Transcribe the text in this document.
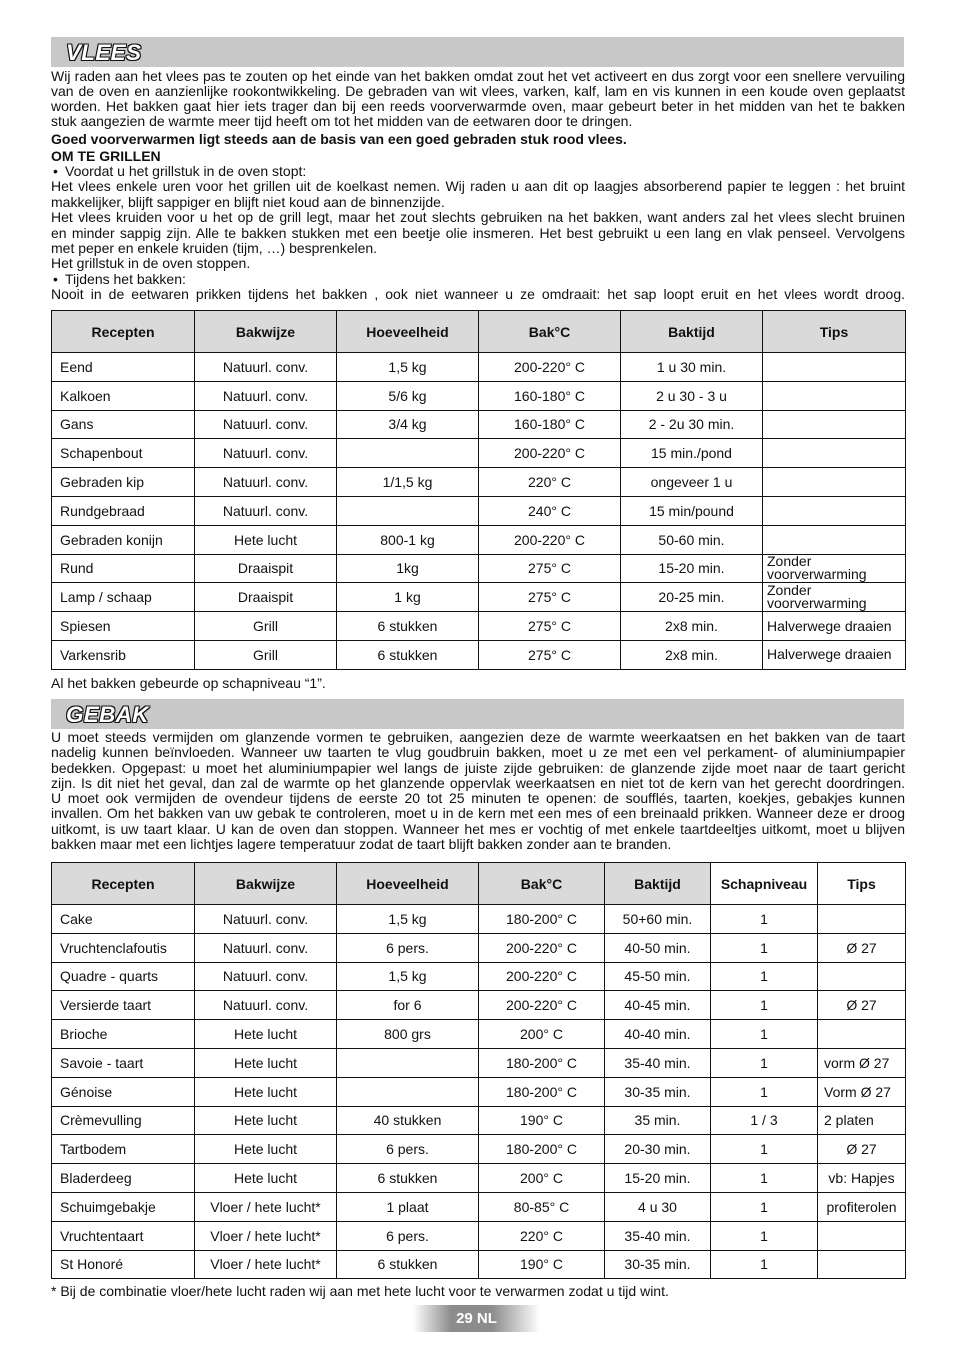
VLEES
Wij raden aan het vlees pas te zouten op het einde van het bakken omdat zout het vet activeert en dus zorgt voor een snellere vervuiling
van de oven en aanzienlijke rookontwikkeling. De gebraden van wit vlees, varken, kalf, lam en vis kunnen in een koude oven geplaatst
worden. Het bakken gaat hier iets trager dan bij een reeds voorverwarmde oven, maar gebeurt beter in het midden van het te bakken
stuk aangezien de warmte meer tijd heeft om tot het midden van de eetwaren door te dringen.
Goed voorverwarmen ligt steeds aan de basis van een goed gebraden stuk rood vlees.
OM TE GRILLEN
• Voordat u het grillstuk in de oven stopt:
Het vlees enkele uren voor het grillen uit de koelkast nemen. Wij raden u aan dit op laagjes absorberend papier te leggen : het bruint
makkelijker, blijft sappiger en blijft niet koud aan de binnenzijde.
Het vlees kruiden voor u het op de grill legt, maar het zout slechts gebruiken na het bakken, want anders zal het vlees slecht bruinen
en minder sappig zijn. Alle te bakken stukken met een beetje olie insmeren. Het best gebruikt u een lang en vlak penseel. Vervolgens
met peper en enkele kruiden (tijm, …) besprenkelen.
Het grillstuk in de oven stoppen.
• Tijdens het bakken:
Nooit in de eetwaren prikken tijdens het bakken , ook niet wanneer u ze omdraait: het sap loopt eruit en het vlees wordt droog.
Recepten	Bakwijze	Hoeveelheid	Bak°C	Baktijd	Tips
Eend	Natuurl. conv.	1,5 kg	200-220° C	1 u 30 min.	
Kalkoen	Natuurl. conv.	5/6 kg	160-180° C	2 u 30 - 3 u	
Gans	Natuurl. conv.	3/4 kg	160-180° C	2 - 2u 30 min.	
Schapenbout	Natuurl. conv.		200-220° C	15 min./pond	
Gebraden kip	Natuurl. conv.	1/1,5 kg	220° C	ongeveer 1 u	
Rundgebraad	Natuurl. conv.		240° C	15 min/pound	
Gebraden konijn	Hete lucht	800-1 kg	200-220° C	50-60 min.	
Rund	Draaispit	1kg	275° C	15-20 min.	Zonder voorverwarming
Lamp / schaap	Draaispit	1 kg	275° C	20-25 min.	Zonder voorverwarming
Spiesen	Grill	6 stukken	275° C	2x8 min.	Halverwege draaien
Varkensrib	Grill	6 stukken	275° C	2x8 min.	Halverwege draaien
Al het bakken gebeurde op schapniveau “1”.
GEBAK
U moet steeds vermijden om glanzende vormen te gebruiken, aangezien deze de warmte weerkaatsen en het bakken van de taart
nadelig kunnen beïnvloeden. Wanneer uw taarten te vlug goudbruin bakken, moet u ze met een vel perkament- of aluminiumpapier
bedekken. Opgepast: u moet het aluminiumpapier wel langs de juiste zijde gebruiken: de glanzende zijde moet naar de taart gericht
zijn. Is dit niet het geval, dan zal de warmte op het glanzende oppervlak weerkaatsen en niet tot de kern van het gerecht doordringen.
U moet ook vermijden de ovendeur tijdens de eerste 20 tot 25 minuten te openen: de soufflés, taarten, koekjes, gebakjes kunnen
invallen. Om het bakken van uw gebak te controleren, moet u in de kern met een mes of een breinaald prikken. Wanneer deze er droog
uitkomt, is uw taart klaar. U kan de oven dan stoppen. Wanneer het mes er vochtig of met enkele taartdeeltjes uitkomt, moet u blijven
bakken maar met een lichtjes lagere temperatuur zodat de taart blijft bakken zonder aan te branden.
Recepten	Bakwijze	Hoeveelheid	Bak°C	Baktijd	Schapniveau	Tips
Cake	Natuurl. conv.	1,5 kg	180-200° C	50+60 min.	1	
Vruchtenclafoutis	Natuurl. conv.	6 pers.	200-220° C	40-50 min.	1	Ø 27
Quadre - quarts	Natuurl. conv.	1,5 kg	200-220° C	45-50 min.	1	
Versierde taart	Natuurl. conv.	for 6	200-220° C	40-45 min.	1	Ø 27
Brioche	Hete lucht	800 grs	200° C	40-40 min.	1	
Savoie - taart	Hete lucht		180-200° C	35-40 min.	1	vorm Ø 27
Génoise	Hete lucht		180-200° C	30-35 min.	1	Vorm Ø 27
Crèmevulling	Hete lucht	40 stukken	190° C	35 min.	1 / 3	2 platen
Tartbodem	Hete lucht	6 pers.	180-200° C	20-30 min.	1	Ø 27
Bladerdeeg	Hete lucht	6 stukken	200° C	15-20 min.	1	vb: Hapjes
Schuimgebakje	Vloer / hete lucht*	1 plaat	80-85° C	4 u 30	1	profiterolen
Vruchtentaart	Vloer / hete lucht*	6 pers.	220° C	35-40 min.	1	
St Honoré	Vloer / hete lucht*	6 stukken	190° C	30-35 min.	1	
* Bij de combinatie vloer/hete lucht raden wij aan met hete lucht voor te verwarmen zodat u tijd wint.
29 NL
